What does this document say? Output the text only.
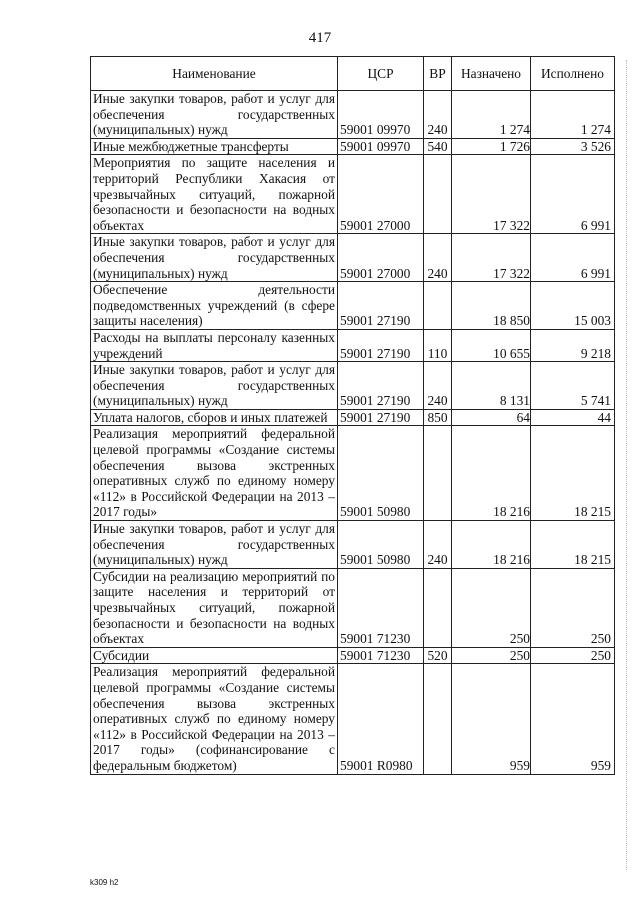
417
Наименование	ЦСР	ВР	Назначено	Исполнено
Иные закупки товаров, работ и услуг для обеспечения государственных (муниципальных) нужд	59001 09970	240	1 274	1 274
Иные межбюджетные трансферты	59001 09970	540	1 726	3 526
Мероприятия по защите населения и территорий Республики Хакасия от чрезвычайных ситуаций, пожарной безопасности и безопасности на водных объектах	59001 27000		17 322	6 991
Иные закупки товаров, работ и услуг для обеспечения государственных (муниципальных) нужд	59001 27000	240	17 322	6 991
Обеспечение деятельности подведомственных учреждений (в сфере защиты населения)	59001 27190		18 850	15 003
Расходы на выплаты персоналу казенных учреждений	59001 27190	110	10 655	9 218
Иные закупки товаров, работ и услуг для обеспечения государственных (муниципальных) нужд	59001 27190	240	8 131	5 741
Уплата налогов, сборов и иных платежей	59001 27190	850	64	44
Реализация мероприятий федеральной целевой программы «Создание системы обеспечения вызова экстренных оперативных служб по единому номеру «112» в Российской Федерации на 2013 – 2017 годы»	59001 50980		18 216	18 215
Иные закупки товаров, работ и услуг для обеспечения государственных (муниципальных) нужд	59001 50980	240	18 216	18 215
Субсидии на реализацию мероприятий по защите населения и территорий от чрезвычайных ситуаций, пожарной безопасности и безопасности на водных объектах	59001 71230		250	250
Субсидии	59001 71230	520	250	250
Реализация мероприятий федеральной целевой программы «Создание системы обеспечения вызова экстренных оперативных служб по единому номеру «112» в Российской Федерации на 2013 – 2017 годы» (софинансирование с федеральным бюджетом)	59001 R0980		959	959
k309 h2
